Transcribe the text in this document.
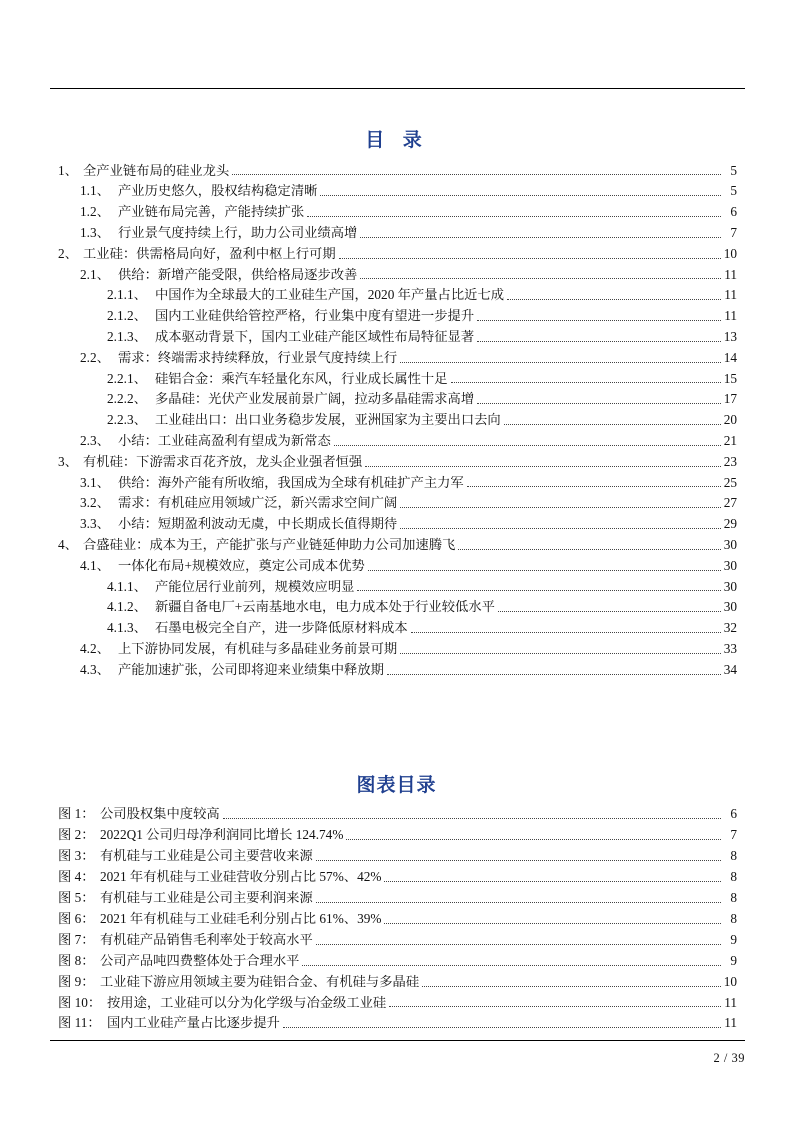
目 录
1、 全产业链布局的硅业龙头	5
1.1、 产业历史悠久，股权结构稳定清晰	5
1.2、 产业链布局完善，产能持续扩张	6
1.3、 行业景气度持续上行，助力公司业绩高增	7
2、 工业硅：供需格局向好，盈利中枢上行可期	10
2.1、 供给：新增产能受限，供给格局逐步改善	11
2.1.1、 中国作为全球最大的工业硅生产国，2020 年产量占比近七成	11
2.1.2、 国内工业硅供给管控严格，行业集中度有望进一步提升	11
2.1.3、 成本驱动背景下，国内工业硅产能区域性布局特征显著	13
2.2、 需求：终端需求持续释放，行业景气度持续上行	14
2.2.1、 硅铝合金：乘汽车轻量化东风，行业成长属性十足	15
2.2.2、 多晶硅：光伏产业发展前景广阔，拉动多晶硅需求高增	17
2.2.3、 工业硅出口：出口业务稳步发展，亚洲国家为主要出口去向	20
2.3、 小结：工业硅高盈利有望成为新常态	21
3、 有机硅：下游需求百花齐放，龙头企业强者恒强	23
3.1、 供给：海外产能有所收缩，我国成为全球有机硅扩产主力军	25
3.2、 需求：有机硅应用领域广泛，新兴需求空间广阔	27
3.3、 小结：短期盈利波动无虞，中长期成长值得期待	29
4、 合盛硅业：成本为王，产能扩张与产业链延伸助力公司加速腾飞	30
4.1、 一体化布局+规模效应，奠定公司成本优势	30
4.1.1、 产能位居行业前列，规模效应明显	30
4.1.2、 新疆自备电厂+云南基地水电，电力成本处于行业较低水平	30
4.1.3、 石墨电极完全自产，进一步降低原材料成本	32
4.2、 上下游协同发展，有机硅与多晶硅业务前景可期	33
4.3、 产能加速扩张，公司即将迎来业绩集中释放期	34
图表目录
图 1： 公司股权集中度较高	6
图 2： 2022Q1 公司归母净利润同比增长 124.74%	7
图 3： 有机硅与工业硅是公司主要营收来源	8
图 4： 2021 年有机硅与工业硅营收分别占比 57%、42%	8
图 5： 有机硅与工业硅是公司主要利润来源	8
图 6： 2021 年有机硅与工业硅毛利分别占比 61%、39%	8
图 7： 有机硅产品销售毛利率处于较高水平	9
图 8： 公司产品吨四费整体处于合理水平	9
图 9： 工业硅下游应用领域主要为硅铝合金、有机硅与多晶硅	10
图 10： 按用途，工业硅可以分为化学级与冶金级工业硅	11
图 11： 国内工业硅产量占比逐步提升	11
2 / 39
